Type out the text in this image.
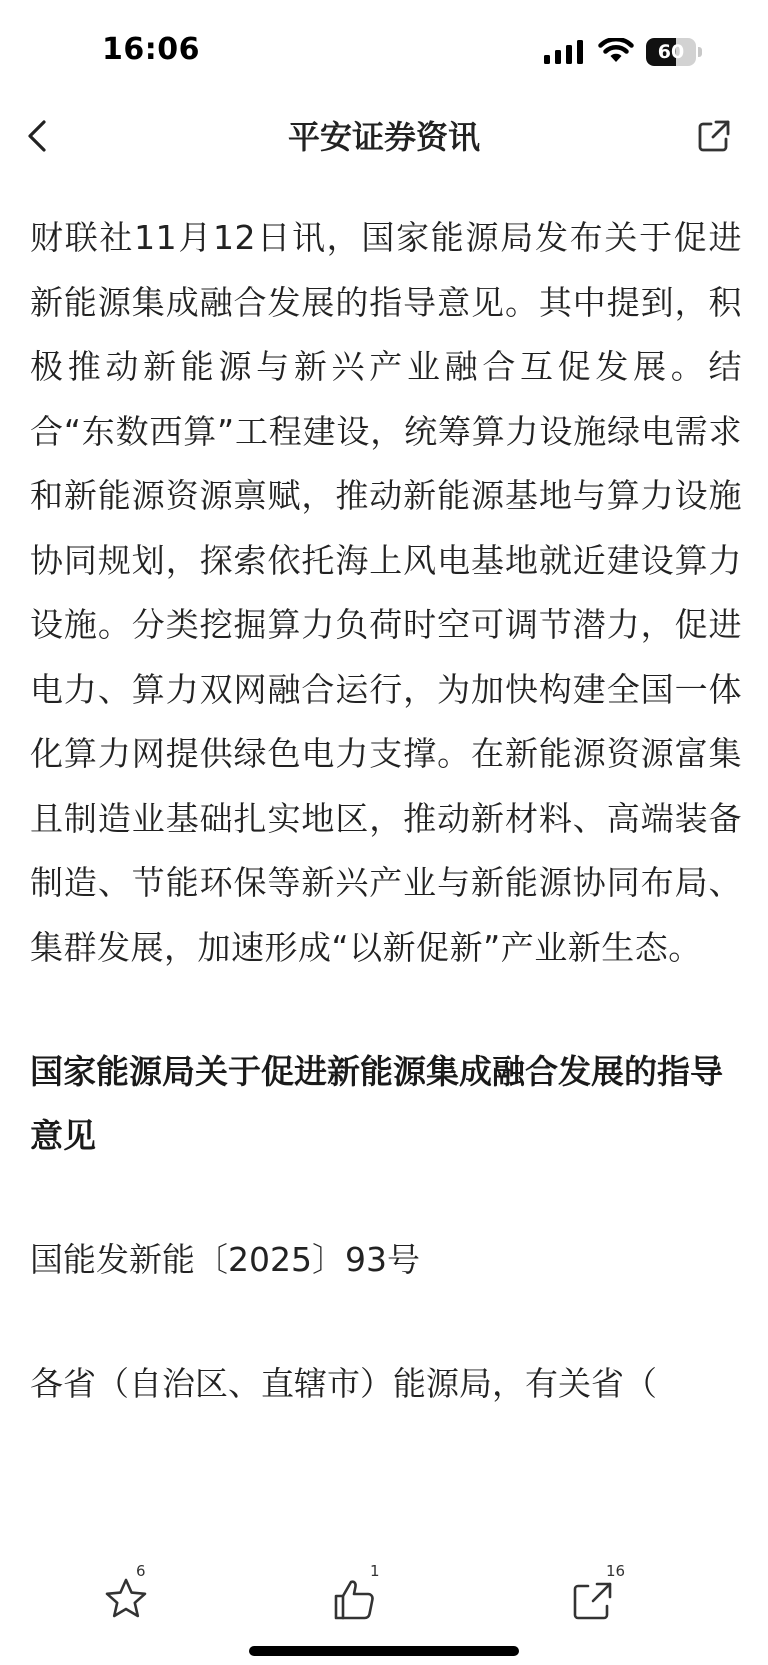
16:06	60
平安证券资讯

财联社11月12日讯，国家能源局发布关于促进新能源集成融合发展的指导意见。其中提到，积极推动新能源与新兴产业融合互促发展。结合“东数西算”工程建设，统筹算力设施绿电需求和新能源资源禀赋，推动新能源基地与算力设施协同规划，探索依托海上风电基地就近建设算力设施。分类挖掘算力负荷时空可调节潜力，促进电力、算力双网融合运行，为加快构建全国一体化算力网提供绿色电力支撑。在新能源资源富集且制造业基础扎实地区，推动新材料、高端装备制造、节能环保等新兴产业与新能源协同布局、集群发展，加速形成“以新促新”产业新生态。

国家能源局关于促进新能源集成融合发展的指导意见

国能发新能〔2025〕93号

各省（自治区、直辖市）能源局，有关省（

6	1	16
